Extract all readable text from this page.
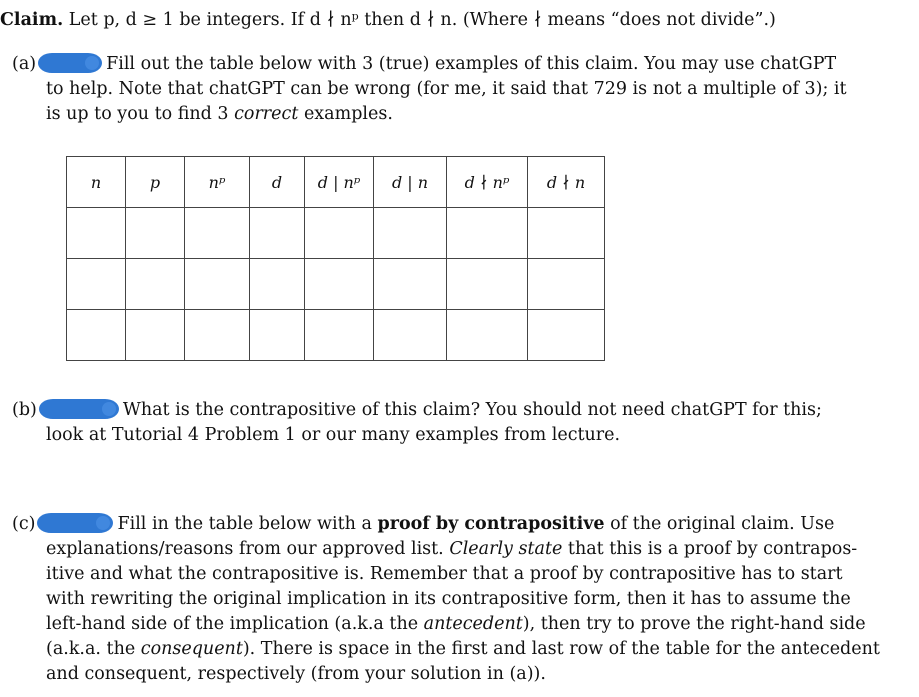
Claim. Let p, d ≥ 1 be integers. If d ∤ nᵖ then d ∤ n. (Where ∤ means “does not divide”.)
(a)	Fill out the table below with 3 (true) examples of this claim. You may use chatGPT
to help. Note that chatGPT can be wrong (for me, it said that 729 is not a multiple of 3); it
is up to you to find 3 correct examples.
n	p	nᵖ	d	d | nᵖ	d | n	d ∤ nᵖ	d ∤ n

(b)	What is the contrapositive of this claim? You should not need chatGPT for this;
look at Tutorial 4 Problem 1 or our many examples from lecture.
(c)	Fill in the table below with a proof by contrapositive of the original claim. Use
explanations/reasons from our approved list. Clearly state that this is a proof by contrapos-
itive and what the contrapositive is. Remember that a proof by contrapositive has to start
with rewriting the original implication in its contrapositive form, then it has to assume the
left-hand side of the implication (a.k.a the antecedent), then try to prove the right-hand side
(a.k.a. the consequent). There is space in the first and last row of the table for the antecedent
and consequent, respectively (from your solution in (a)).
